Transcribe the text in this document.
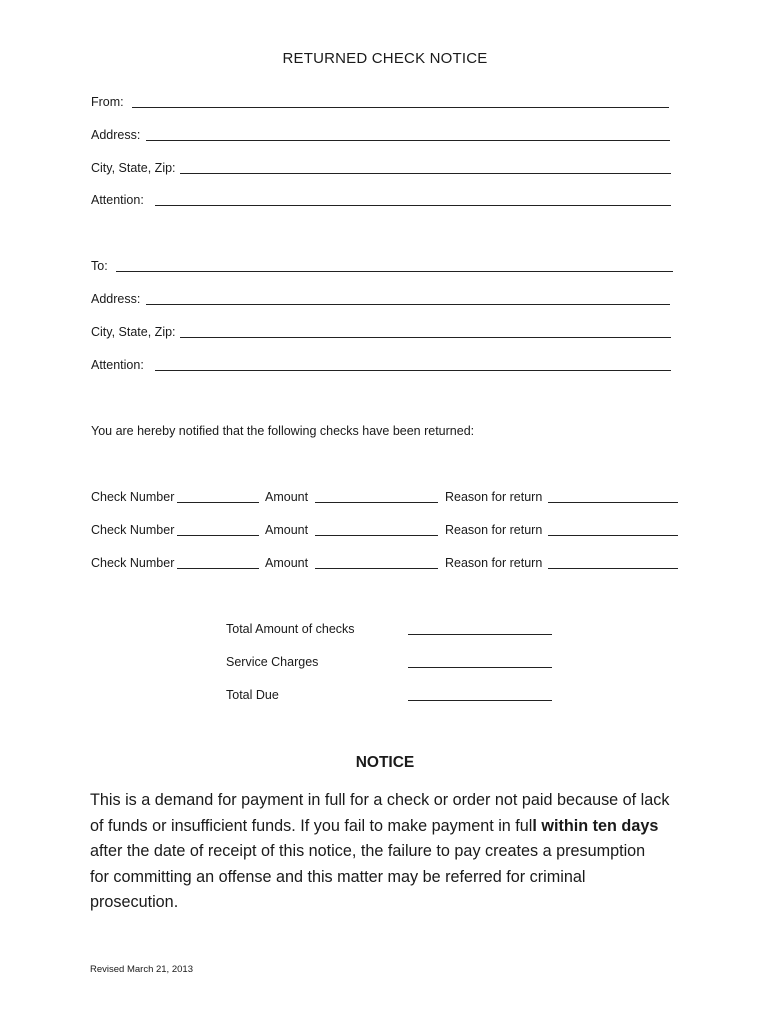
RETURNED CHECK NOTICE
From:
Address:
City, State, Zip:
Attention:
To:
Address:
City, State, Zip:
Attention:
You are hereby notified that the following checks have been returned:
Check Number	Amount	Reason for return
Check Number	Amount	Reason for return
Check Number	Amount	Reason for return
Total Amount of checks
Service Charges
Total Due
NOTICE
This is a demand for payment in full for a check or order not paid because of lack
of funds or insufficient funds. If you fail to make payment in full within ten days
after the date of receipt of this notice, the failure to pay creates a presumption
for committing an offense and this matter may be referred for criminal
prosecution.
Revised March 21, 2013
